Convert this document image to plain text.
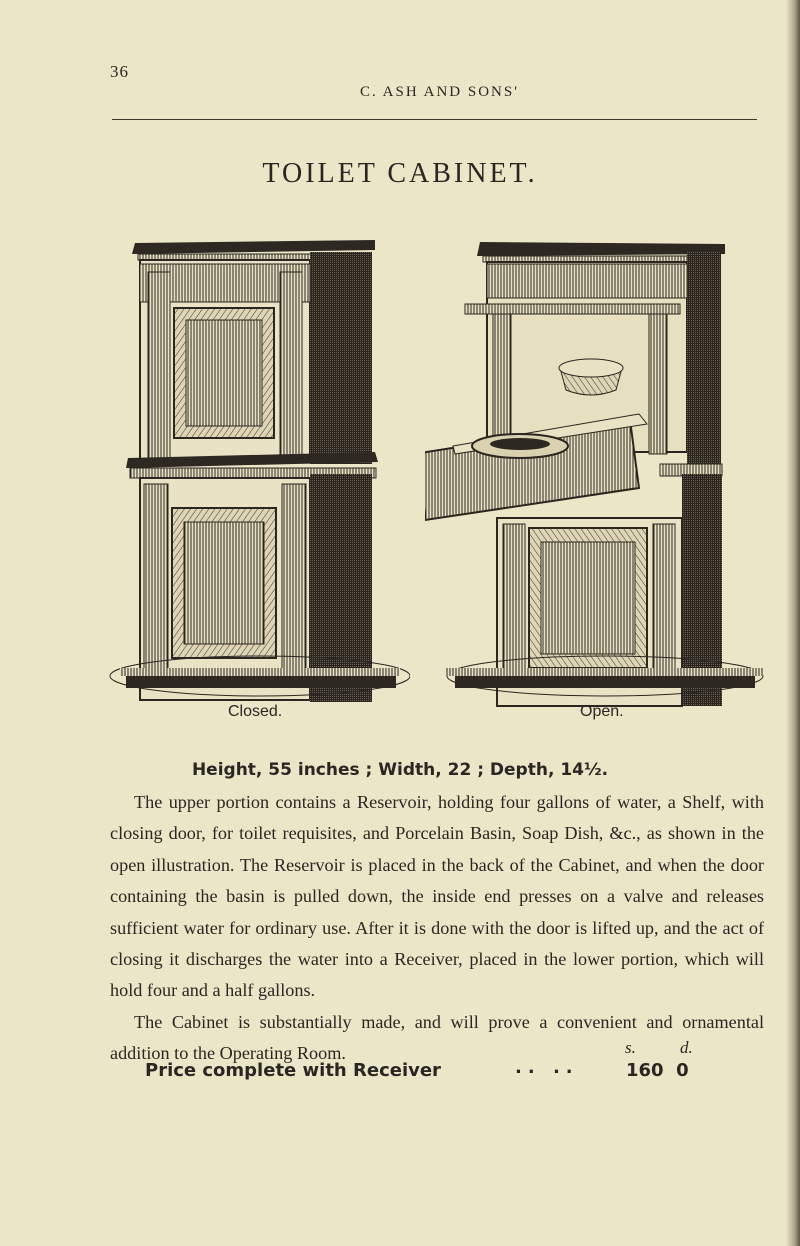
36
C. ASH AND SONS'
TOILET CABINET.
Closed.	Open.
Height, 55 inches ; Width, 22 ; Depth, 14½.

The upper portion contains a Reservoir, holding four gallons of water, a Shelf, with closing door, for toilet requisites, and Porcelain Basin, Soap Dish, &c., as shown in the open illustration. The Reservoir is placed in the back of the Cabinet, and when the door containing the basin is pulled down, the inside end presses on a valve and releases sufficient water for ordinary use. After it is done with the door is lifted up, and the act of closing it discharges the water into a Receiver, placed in the lower portion, which will hold four and a half gallons.

The Cabinet is substantially made, and will prove a convenient and ornamental addition to the Operating Room.	s.	d.
Price complete with Receiver	.. ..	160  0
